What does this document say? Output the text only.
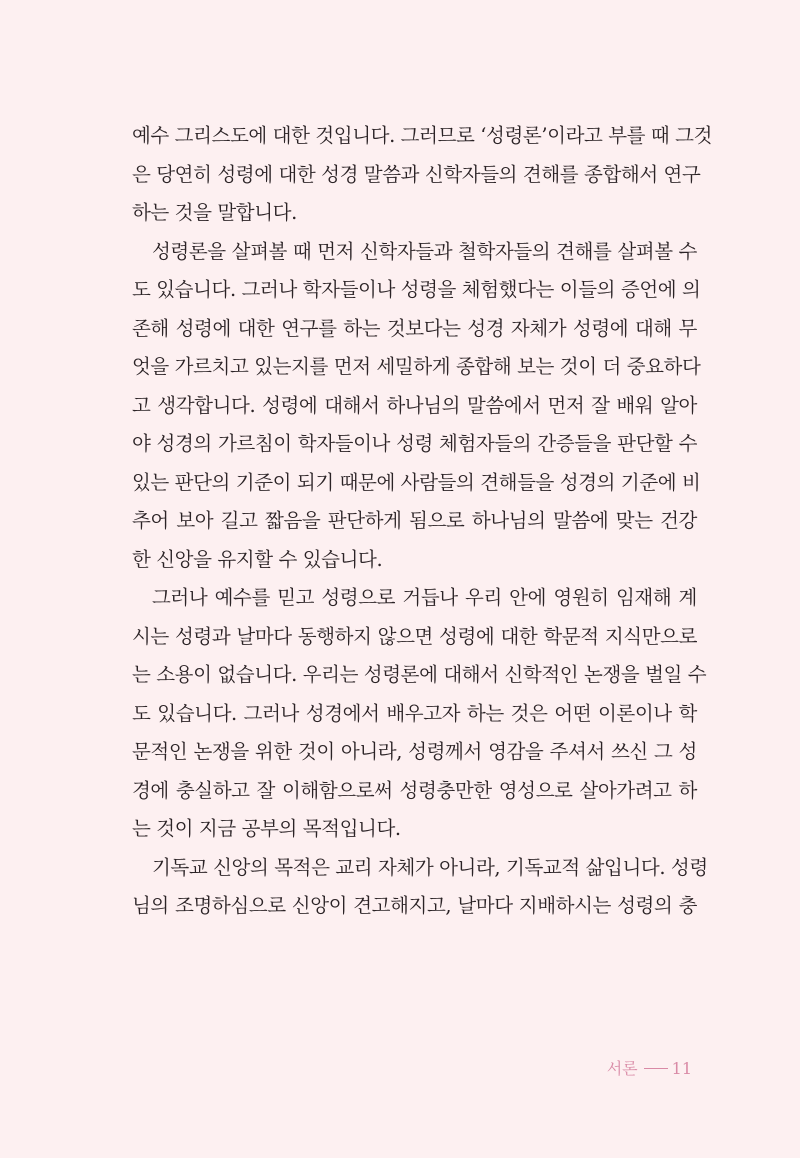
예수 그리스도에 대한 것입니다. 그러므로 ‘성령론’이라고 부를 때 그것
은 당연히 성령에 대한 성경 말씀과 신학자들의 견해를 종합해서 연구
하는 것을 말합니다.
성령론을 살펴볼 때 먼저 신학자들과 철학자들의 견해를 살펴볼 수
도 있습니다. 그러나 학자들이나 성령을 체험했다는 이들의 증언에 의
존해 성령에 대한 연구를 하는 것보다는 성경 자체가 성령에 대해 무
엇을 가르치고 있는지를 먼저 세밀하게 종합해 보는 것이 더 중요하다
고 생각합니다. 성령에 대해서 하나님의 말씀에서 먼저 잘 배워 알아
야 성경의 가르침이 학자들이나 성령 체험자들의 간증들을 판단할 수
있는 판단의 기준이 되기 때문에 사람들의 견해들을 성경의 기준에 비
추어 보아 길고 짧음을 판단하게 됨으로 하나님의 말씀에 맞는 건강
한 신앙을 유지할 수 있습니다.
그러나 예수를 믿고 성령으로 거듭나 우리 안에 영원히 임재해 계
시는 성령과 날마다 동행하지 않으면 성령에 대한 학문적 지식만으로
는 소용이 없습니다. 우리는 성령론에 대해서 신학적인 논쟁을 벌일 수
도 있습니다. 그러나 성경에서 배우고자 하는 것은 어떤 이론이나 학
문적인 논쟁을 위한 것이 아니라, 성령께서 영감을 주셔서 쓰신 그 성
경에 충실하고 잘 이해함으로써 성령충만한 영성으로 살아가려고 하
는 것이 지금 공부의 목적입니다.
기독교 신앙의 목적은 교리 자체가 아니라, 기독교적 삶입니다. 성령
님의 조명하심으로 신앙이 견고해지고, 날마다 지배하시는 성령의 충
서론 11
